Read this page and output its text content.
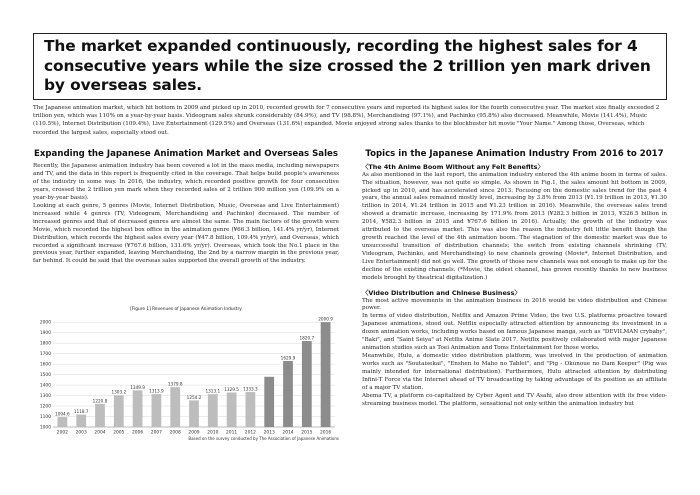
The market expanded continuously, recording the highest sales for 4 consecutive years while the size crossed the 2 trillion yen mark driven by overseas sales.

The Japanese animation market, which hit bottom in 2009 and picked up in 2010, recorded growth for 7 consecutive years and reported its highest sales for the fourth consecutive year. The market size finally exceeded 2 trillion yen, which was 110% on a year-by-year basis. Videogram sales shrunk considerably (84.9%), and TV (98.8%), Merchandising (97.1%), and Pachinko (95.8%) also decreased. Meanwhile, Movie (141.4%), Music (110.5%), Internet Distribution (109.4%), Live Entertainment (129.5%) and Overseas (131.6%) expanded. Movie enjoyed strong sales thanks to the blockbuster hit movie "Your Name." Among those, Overseas, which recorded the largest sales, especially stood out.

Expanding the Japanese Animation Market and Overseas Sales

Recently, the Japanese animation industry has been covered a lot in the mass media, including newspapers and TV, and the data in this report is frequently cited in the coverage. That helps build people's awareness of the industry in some way. In 2016, the industry, which recorded positive growth for four consecutive years, crossed the 2 trillion yen mark when they recorded sales of 2 trillion 900 million yen (109.9% on a year-by-year basis).

Looking at each genre, 5 genres (Movie, Internet Distribution, Music, Overseas and Live Entertainment) increased while 4 genres (TV, Videogram, Merchandising and Pachinko) decreased. The number of increased genres and that of decreased genres are almost the same. The main factors of the growth were Movie, which recorded the highest box office in the animation genre (¥66.3 billion, 141.4% yr/yr), Internet Distribution, which records the highest sales every year (¥47.8 billion, 109.4% yr/yr), and Overseas, which recorded a significant increase (¥767.6 billion, 131.6% yr/yr). Overseas, which took the No.1 place in the previous year, further expanded, leaving Merchandising, the 2nd by a narrow margin in the previous year, far behind. It could be said that the overseas sales supported the overall growth of the industry.

[Figure 1] Revenues of Japanese Animation Industry
1000
1100
1200
1300
1400
1500
1600
1700
1800
1900
2000
1094.6
2002
1118.7
2003
1220.8
2004
1303.2
2005
1349.9
2006
1313.9
2007
1379.8
2008
1254.2
2009
1313.1
2010
1329.5
2011
1333.3
2012 2013
1629.9
2014
1820.7
2015
2000.9
2016
Based on the survey conducted by The Association of Japanese Animations
Topics in the Japanese Animation Industry From 2016 to 2017

〈The 4th Anime Boom Without any Felt Benefits〉

As also mentioned in the last report, the animation industry entered the 4th anime boom in terms of sales. The situation, however, was not quite so simple. As shown in Fig.1, the sales amount hit bottom in 2009, picked up in 2010, and has accelerated since 2013. Focusing on the domestic sales trend for the past 4 years, the annual sales remained mostly level, increasing by 3.8% from 2013 (¥1.19 trillion in 2013, ¥1.30 trillion in 2014, ¥1.24 trillion in 2015 and ¥1.23 trillion in 2016). Meanwhile, the overseas sales trend showed a dramatic increase, increasing by 171.9% from 2013 (¥282.3 billion in 2013, ¥326.5 billion in 2014, ¥582.3 billion in 2015 and ¥767.6 billion in 2016). Actually, the growth of the industry was attributed to the overseas market. This was also the reason the industry felt little benefit though the growth reached the level of the 4th animation boom. The stagnation of the domestic market was due to unsuccessful transition of distribution channels; the switch from existing channels shrinking (TV, Videogram, Pachinko, and Merchandising) to new channels growing (Movie*, Internet Distribution, and Live Entertainment) did not go well. The growth of those new channels was not enough to make up for the decline of the existing channels. (*Movie, the oldest channel, has grown recently thanks to new business models brought by theatrical digitalization.)

〈Video Distribution and Chinese Business〉

The most active movements in the animation business in 2016 would be video distribution and Chinese power.
In terms of video distribution, Netflix and Amazon Prime Video, the two U.S. platforms proactive toward Japanese animations, stood out. Netflix especially attracted attention by announcing its investment in a dozen animation works, including works based on famous Japanese manga, such as "DEVILMAN crybaby", "Baki", and "Saint Seiya" at Netflix Anime Slate 2017. Netflix positively collaborated with major Japanese animation studios such as Toei Animation and Toms Entertainment for those works.
Meanwhile, Hulu, a domestic video distribution platform, was involved in the production of animation works such as "Soutaisekai", "Enshen to Maho no Tablet", and "Pig - Okunoue no Dam Keeper" (Pig was mainly intended for international distribution). Furthermore, Hulu attracted attention by distributing Infini-T Force via the Internet ahead of TV broadcasting by taking advantage of its position as an affiliate of a major TV station.
Abema TV, a platform co-capitalized by Cyber Agent and TV Asahi, also drew attention with its free video-streaming business model. The platform, sensational not only within the animation industry but
